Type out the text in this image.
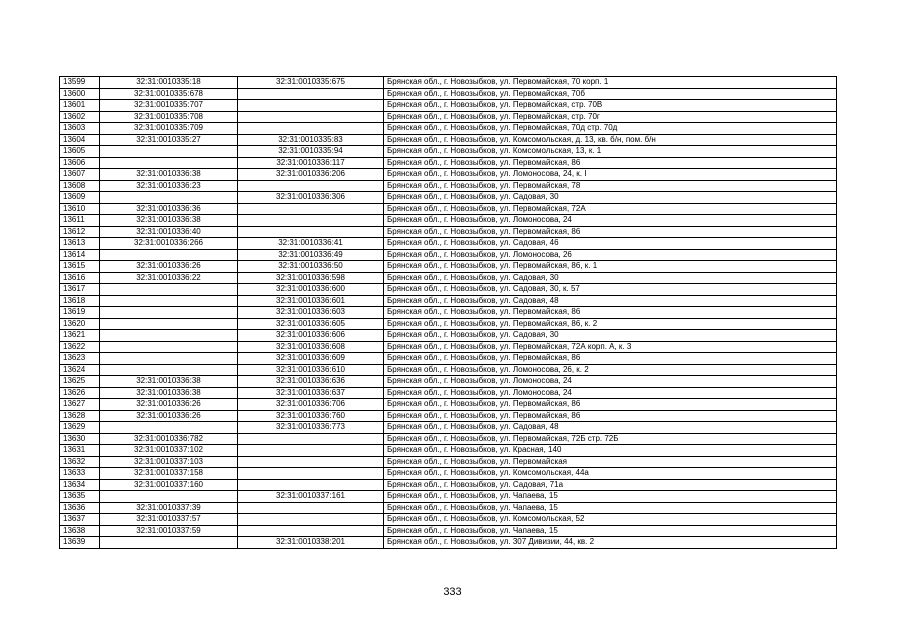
13599	32:31:0010335:18	32:31:0010335:675	Брянская обл., г. Новозыбков, ул. Первомайская, 70 корп. 1
13600	32:31:0010335:678		Брянская обл., г. Новозыбков, ул. Первомайская, 70б
13601	32:31:0010335:707		Брянская обл., г. Новозыбков, ул. Первомайская, стр. 70В
13602	32:31:0010335:708		Брянская обл., г. Новозыбков, ул. Первомайская, стр. 70г
13603	32:31:0010335:709		Брянская обл., г. Новозыбков, ул. Первомайская, 70д стр. 70д
13604	32:31:0010335:27	32:31:0010335:83	Брянская обл., г. Новозыбков, ул. Комсомольская, д. 13, кв. б/н, пом. б/н
13605		32:31:0010335:94	Брянская обл., г. Новозыбков, ул. Комсомольская, 13, к. 1
13606		32:31:0010336:117	Брянская обл., г. Новозыбков, ул. Первомайская, 86
13607	32:31:0010336:38	32:31:0010336:206	Брянская обл., г. Новозыбков, ул. Ломоносова, 24, к. I
13608	32:31:0010336:23		Брянская обл., г. Новозыбков, ул. Первомайская, 78
13609		32:31:0010336:306	Брянская обл., г. Новозыбков, ул. Садовая, 30
13610	32:31:0010336:36		Брянская обл., г. Новозыбков, ул. Первомайская, 72А
13611	32:31:0010336:38		Брянская обл., г. Новозыбков, ул. Ломоносова, 24
13612	32:31:0010336:40		Брянская обл., г. Новозыбков, ул. Первомайская, 86
13613	32:31:0010336:266	32:31:0010336:41	Брянская обл., г. Новозыбков, ул. Садовая, 46
13614		32:31:0010336:49	Брянская обл., г. Новозыбков, ул. Ломоносова, 26
13615	32:31:0010336:26	32:31:0010336:50	Брянская обл., г. Новозыбков, ул. Первомайская, 86, к. 1
13616	32:31:0010336:22	32:31:0010336:598	Брянская обл., г. Новозыбков, ул. Садовая, 30
13617		32:31:0010336:600	Брянская обл., г. Новозыбков, ул. Садовая, 30, к. 57
13618		32:31:0010336:601	Брянская обл., г. Новозыбков, ул. Садовая, 48
13619		32:31:0010336:603	Брянская обл., г. Новозыбков, ул. Первомайская, 86
13620		32:31:0010336:605	Брянская обл., г. Новозыбков, ул. Первомайская, 86, к. 2
13621		32:31:0010336:606	Брянская обл., г. Новозыбков, ул. Садовая, 30
13622		32:31:0010336:608	Брянская обл., г. Новозыбков, ул. Первомайская, 72А корп. А, к. 3
13623		32:31:0010336:609	Брянская обл., г. Новозыбков, ул. Первомайская, 86
13624		32:31:0010336:610	Брянская обл., г. Новозыбков, ул. Ломоносова, 26, к. 2
13625	32:31:0010336:38	32:31:0010336:636	Брянская обл., г. Новозыбков, ул. Ломоносова, 24
13626	32:31:0010336:38	32:31:0010336:637	Брянская обл., г. Новозыбков, ул. Ломоносова, 24
13627	32:31:0010336:26	32:31:0010336:706	Брянская обл., г. Новозыбков, ул. Первомайская, 86
13628	32:31:0010336:26	32:31:0010336:760	Брянская обл., г. Новозыбков, ул. Первомайская, 86
13629		32:31:0010336:773	Брянская обл., г. Новозыбков, ул. Садовая, 48
13630	32:31:0010336:782		Брянская обл., г. Новозыбков, ул. Первомайская, 72Б стр. 72Б
13631	32:31:0010337:102		Брянская обл., г. Новозыбков, ул. Красная, 140
13632	32:31:0010337:103		Брянская обл., г. Новозыбков, ул. Первомайская
13633	32:31:0010337:158		Брянская обл., г. Новозыбков, ул. Комсомольская, 44а
13634	32:31:0010337:160		Брянская обл., г. Новозыбков, ул. Садовая, 71а
13635		32:31:0010337:161	Брянская обл., г. Новозыбков, ул. Чапаева, 15
13636	32:31:0010337:39		Брянская обл., г. Новозыбков, ул. Чапаева, 15
13637	32:31:0010337:57		Брянская обл., г. Новозыбков, ул. Комсомольская, 52
13638	32:31:0010337:59		Брянская обл., г. Новозыбков, ул. Чапаева, 15
13639		32:31:0010338:201	Брянская обл., г. Новозыбков, ул. 307 Дивизии, 44, кв. 2
333
